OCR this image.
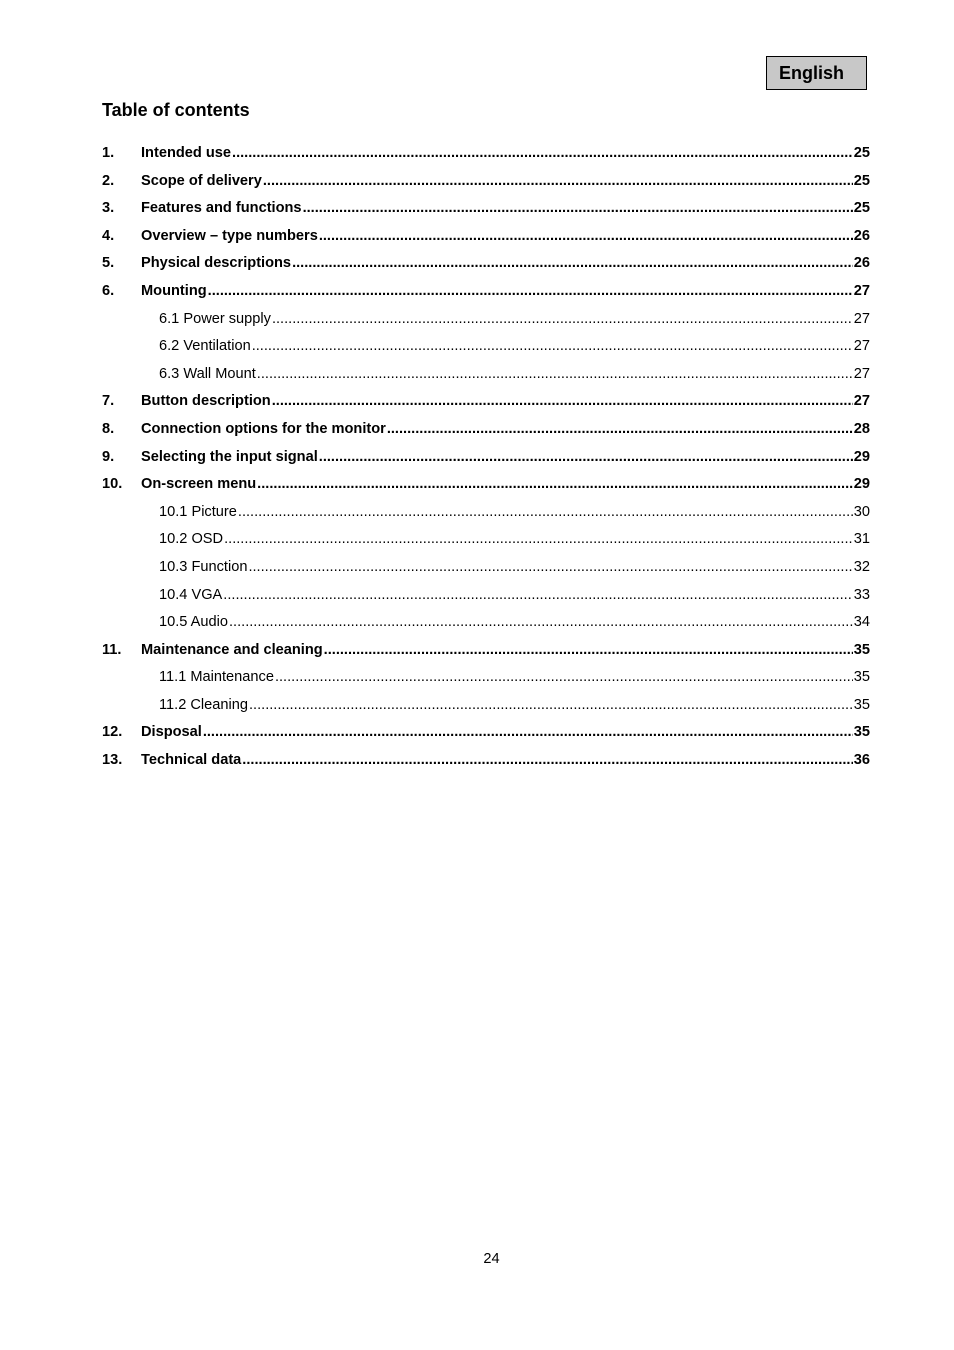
English
Table of contents
1.	Intended use .....	25
2.	Scope of delivery .....	25
3.	Features and functions .....	25
4.	Overview – type numbers .....	26
5.	Physical descriptions .....	26
6.	Mounting .....	27
6.1 Power supply .....	27
6.2 Ventilation .....	27
6.3 Wall Mount .....	27
7.	Button description .....	27
8.	Connection options for the monitor .....	28
9.	Selecting the input signal .....	29
10.	On-screen menu .....	29
10.1 Picture .....	30
10.2 OSD .....	31
10.3 Function .....	32
10.4 VGA .....	33
10.5 Audio .....	34
11.	Maintenance and cleaning .....	35
11.1 Maintenance .....	35
11.2 Cleaning .....	35
12.	Disposal .....	35
13.	Technical data .....	36
24
